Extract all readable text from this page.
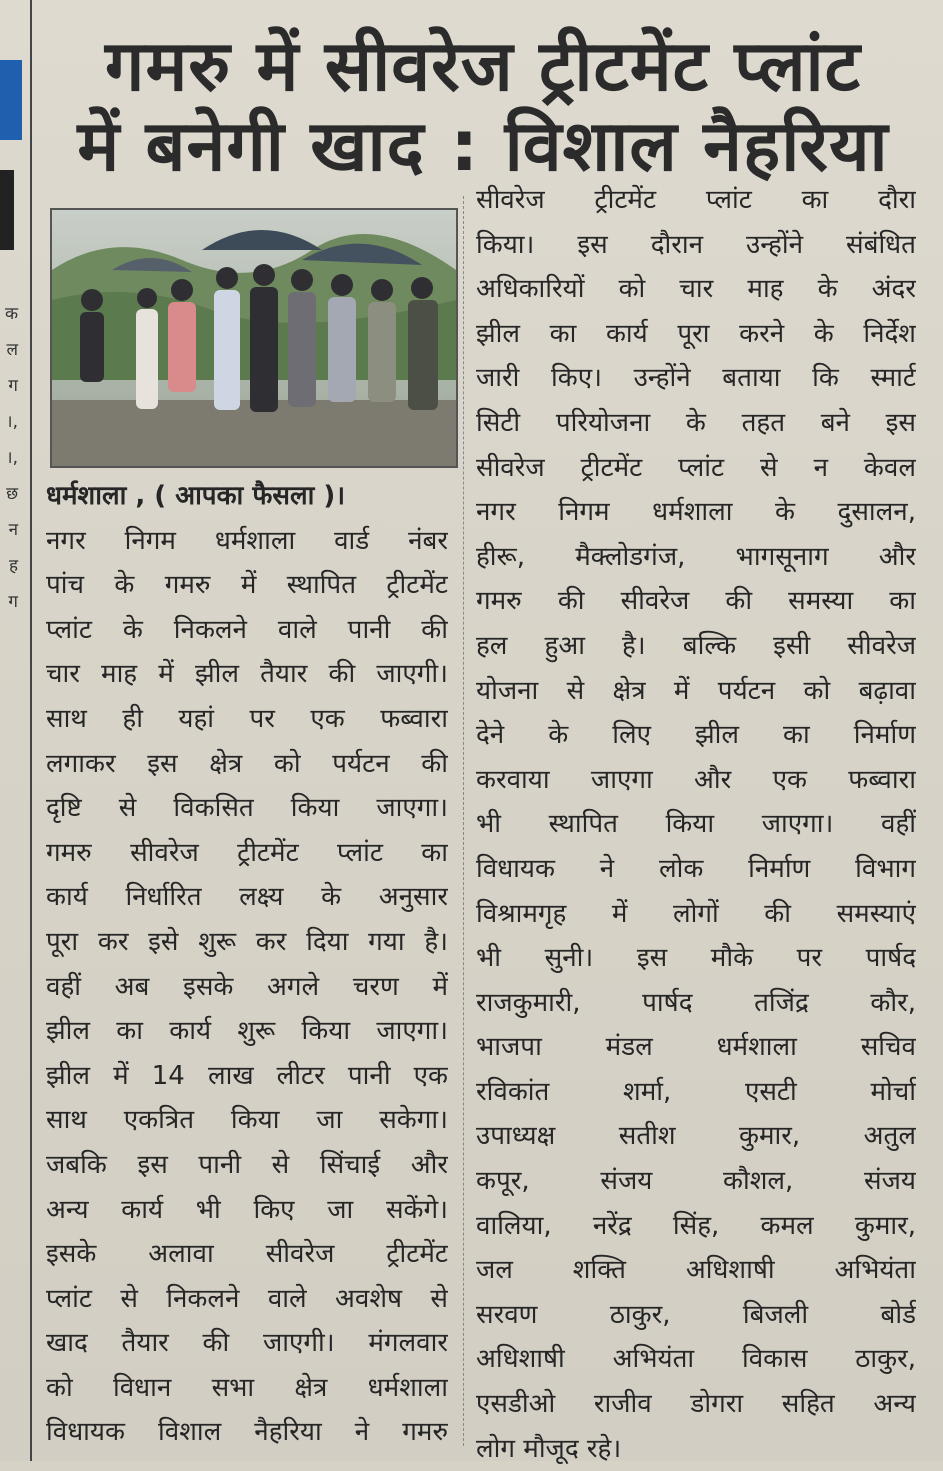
क
ल
ग
।,
।,
छ
न
ह
ग
गमरु में सीवरेज ट्रीटमेंट प्लांट
में बनेगी खाद : विशाल नैहरिया
धर्मशाला , ( आपका फैसला )।
नगर निगम धर्मशाला वार्ड नंबर
पांच के गमरु में स्थापित ट्रीटमेंट
प्लांट के निकलने वाले पानी की
चार माह में झील तैयार की जाएगी।
साथ ही यहां पर एक फब्वारा
लगाकर इस क्षेत्र को पर्यटन की
दृष्टि से विकसित किया जाएगा।
गमरु सीवरेज ट्रीटमेंट प्लांट का
कार्य निर्धारित लक्ष्य के अनुसार
पूरा कर इसे शुरू कर दिया गया है।
वहीं अब इसके अगले चरण में
झील का कार्य शुरू किया जाएगा।
झील में 14 लाख लीटर पानी एक
साथ एकत्रित किया जा सकेगा।
जबकि इस पानी से सिंचाई और
अन्य कार्य भी किए जा सकेंगे।
इसके अलावा सीवरेज ट्रीटमेंट
प्लांट से निकलने वाले अवशेष से
खाद तैयार की जाएगी। मंगलवार
को विधान सभा क्षेत्र धर्मशाला
विधायक विशाल नैहरिया ने गमरु
सीवरेज ट्रीटमेंट प्लांट का दौरा
किया। इस दौरान उन्होंने संबंधित
अधिकारियों को चार माह के अंदर
झील का कार्य पूरा करने के निर्देश
जारी किए। उन्होंने बताया कि स्मार्ट
सिटी परियोजना के तहत बने इस
सीवरेज ट्रीटमेंट प्लांट से न केवल
नगर निगम धर्मशाला के दुसालन,
हीरू, मैक्लोडगंज, भागसूनाग और
गमरु की सीवरेज की समस्या का
हल हुआ है। बल्कि इसी सीवरेज
योजना से क्षेत्र में पर्यटन को बढ़ावा
देने के लिए झील का निर्माण
करवाया जाएगा और एक फब्वारा
भी स्थापित किया जाएगा। वहीं
विधायक ने लोक निर्माण विभाग
विश्रामगृह में लोगों की समस्याएं
भी सुनी। इस मौके पर पार्षद
राजकुमारी, पार्षद तजिंद्र कौर,
भाजपा मंडल धर्मशाला सचिव
रविकांत शर्मा, एसटी मोर्चा
उपाध्यक्ष सतीश कुमार, अतुल
कपूर, संजय कौशल, संजय
वालिया, नरेंद्र सिंह, कमल कुमार,
जल शक्ति अधिशाषी अभियंता
सरवण ठाकुर, बिजली बोर्ड
अधिशाषी अभियंता विकास ठाकुर,
एसडीओ राजीव डोगरा सहित अन्य
लोग मौजूद रहे।
